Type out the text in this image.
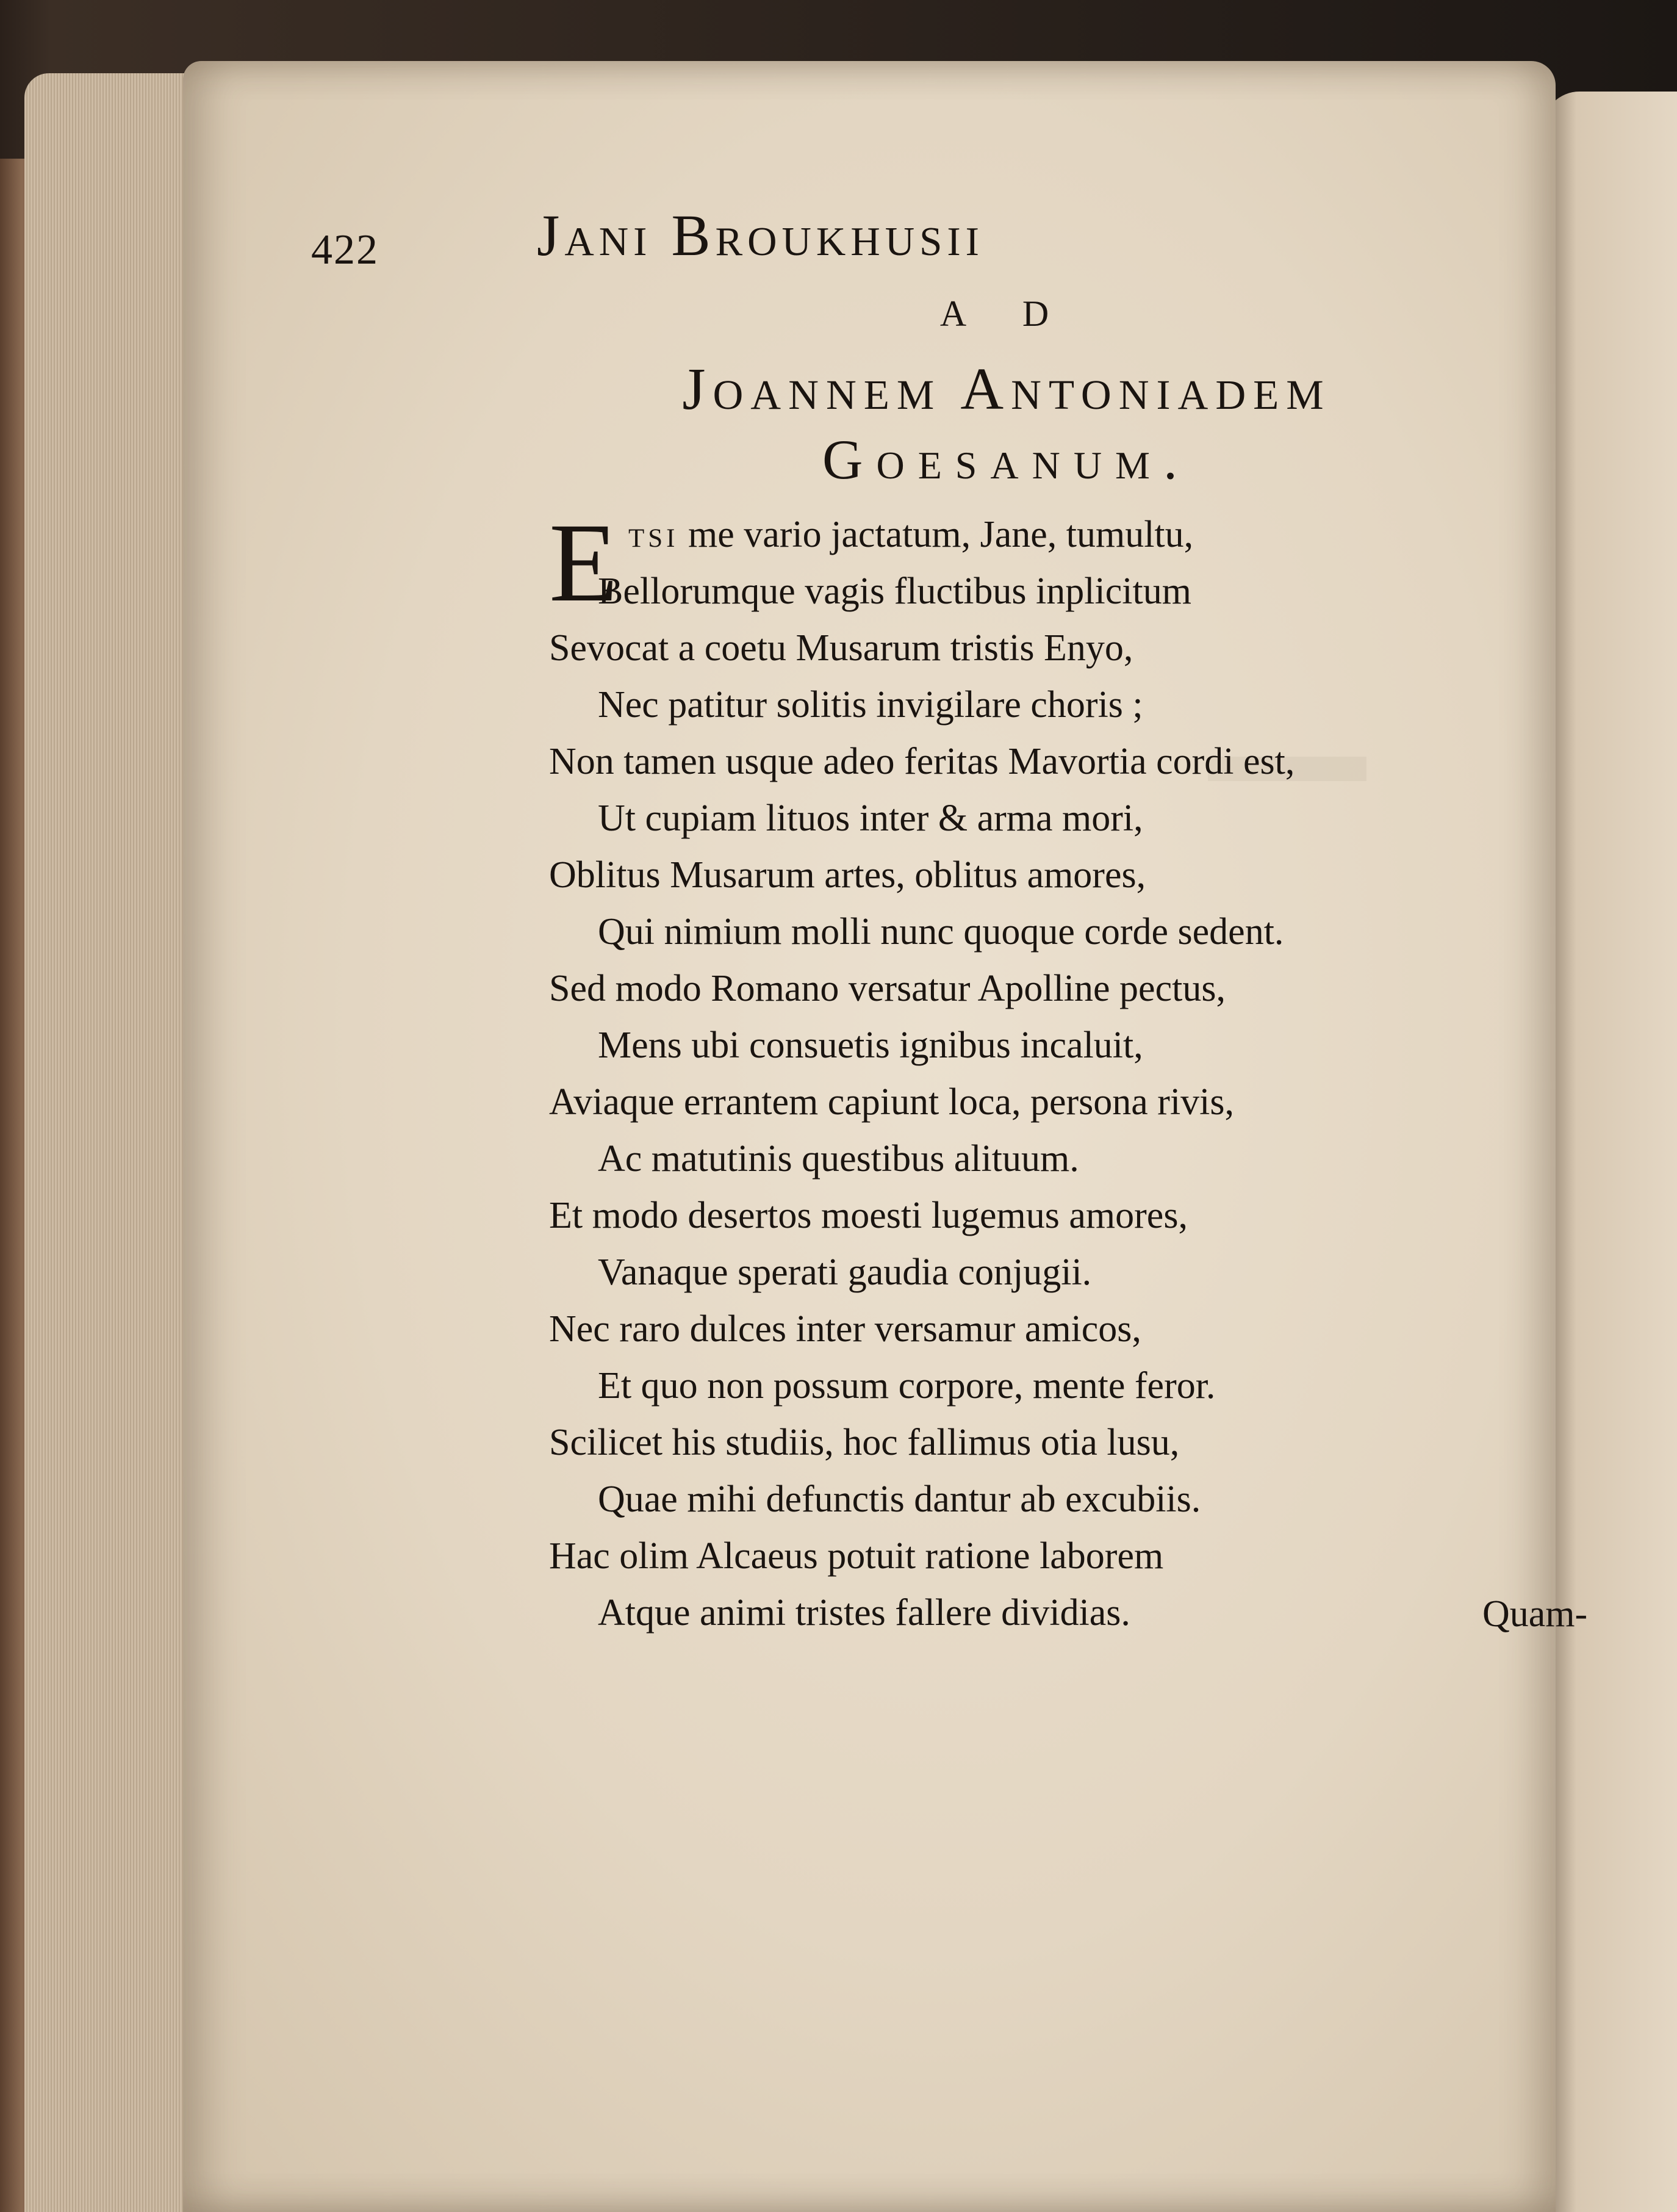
422	Jani Broukhusii
A D
Joannem Antoniadem
Goesanum.
E tsi me vario jactatum, Jane, tumultu,
Bellorumque vagis fluctibus inplicitum
Sevocat a coetu Musarum tristis Enyo,
Nec patitur solitis invigilare choris ;
Non tamen usque adeo feritas Mavortia cordi est,
Ut cupiam lituos inter & arma mori,
Oblitus Musarum artes, oblitus amores,
Qui nimium molli nunc quoque corde sedent.
Sed modo Romano versatur Apolline pectus,
Mens ubi consuetis ignibus incaluit,
Aviaque errantem capiunt loca, persona rivis,
Ac matutinis questibus alituum.
Et modo desertos moesti lugemus amores,
Vanaque sperati gaudia conjugii.
Nec raro dulces inter versamur amicos,
Et quo non possum corpore, mente feror.
Scilicet his studiis, hoc fallimus otia lusu,
Quae mihi defunctis dantur ab excubiis.
Hac olim Alcaeus potuit ratione laborem
Atque animi tristes fallere dividias.	Quam-
